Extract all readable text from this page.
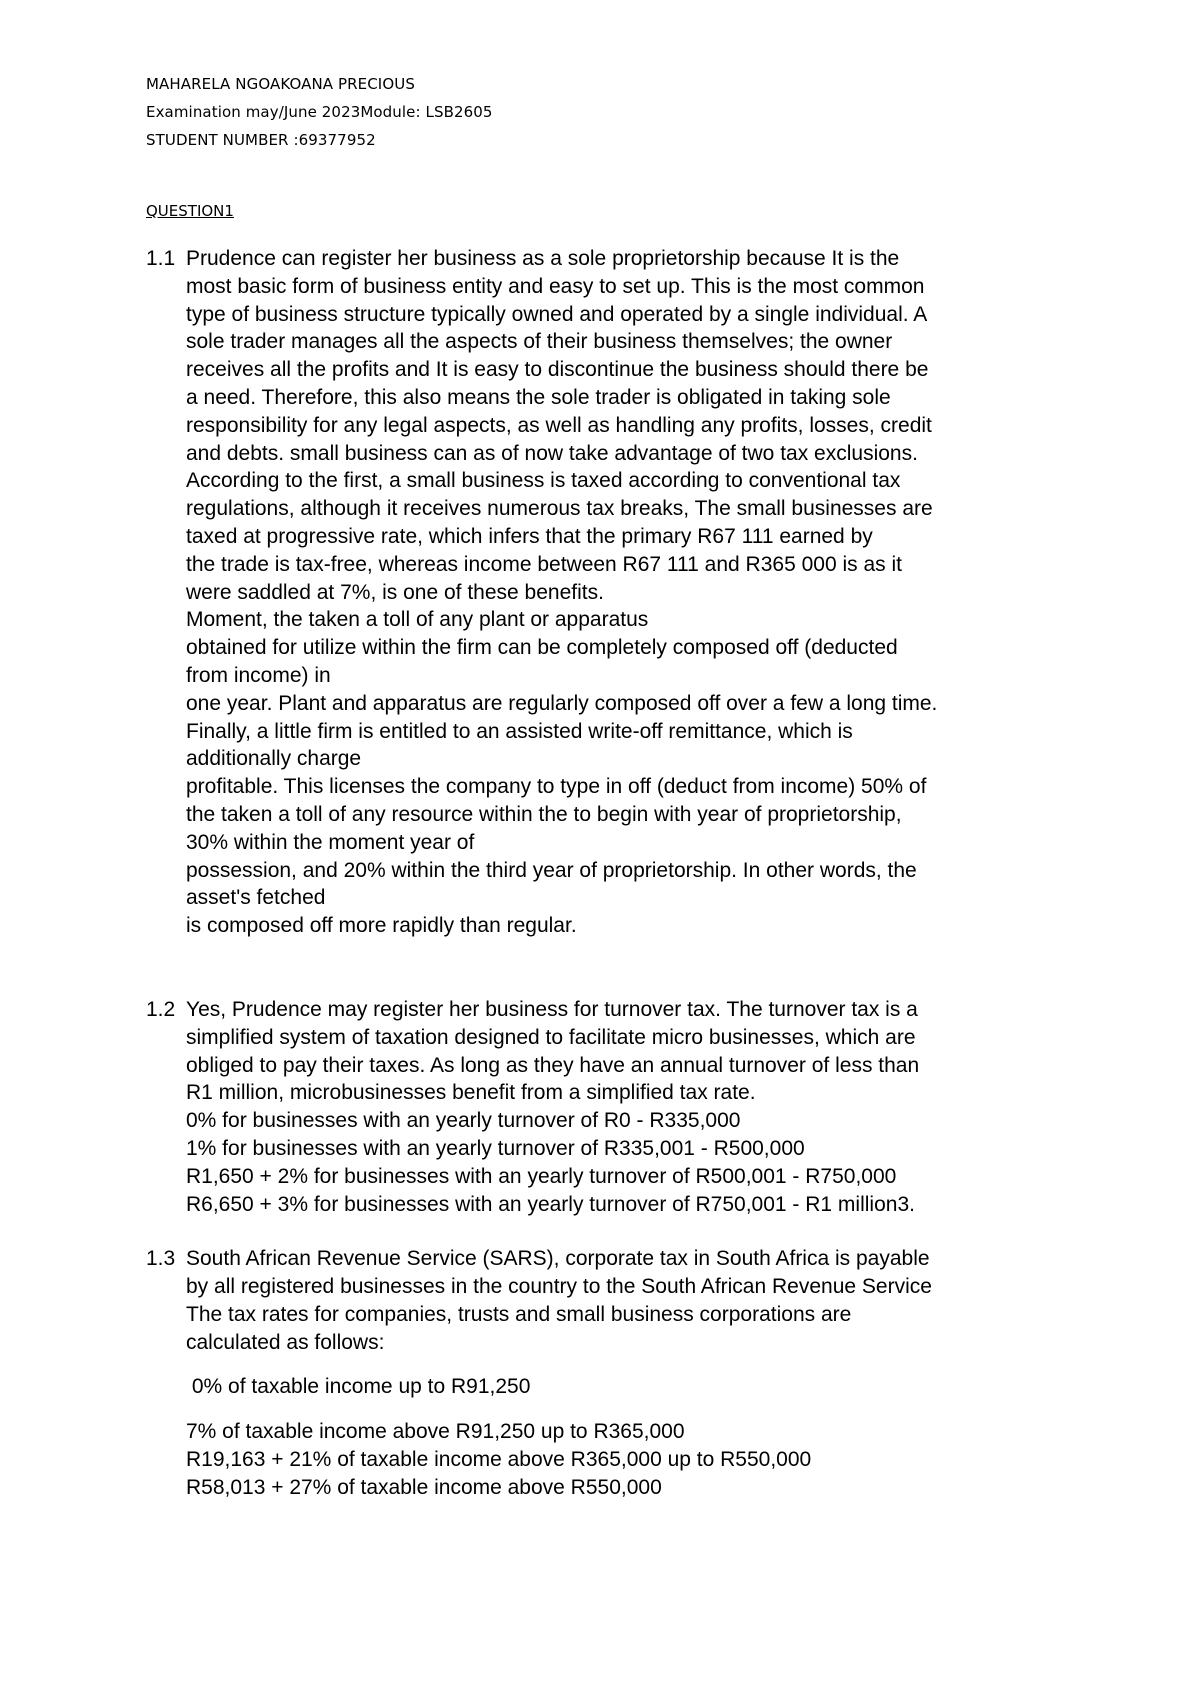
MAHARELA NGOAKOANA PRECIOUS
Examination may/June 2023Module: LSB2605
STUDENT NUMBER :69377952
QUESTION1
1.1 Prudence can register her business as a sole proprietorship because It is the
most basic form of business entity and easy to set up. This is the most common
type of business structure typically owned and operated by a single individual. A
sole trader manages all the aspects of their business themselves; the owner
receives all the profits and It is easy to discontinue the business should there be
a need. Therefore, this also means the sole trader is obligated in taking sole
responsibility for any legal aspects, as well as handling any profits, losses, credit
and debts. small business can as of now take advantage of two tax exclusions.
According to the first, a small business is taxed according to conventional tax
regulations, although it receives numerous tax breaks, The small businesses are
taxed at progressive rate, which infers that the primary R67 111 earned by
the trade is tax-free, whereas income between R67 111 and R365 000 is as it
were saddled at 7%, is one of these benefits.
Moment, the taken a toll of any plant or apparatus
obtained for utilize within the firm can be completely composed off (deducted
from income) in
one year. Plant and apparatus are regularly composed off over a few a long time.
Finally, a little firm is entitled to an assisted write-off remittance, which is
additionally charge
profitable. This licenses the company to type in off (deduct from income) 50% of
the taken a toll of any resource within the to begin with year of proprietorship,
30% within the moment year of
possession, and 20% within the third year of proprietorship. In other words, the
asset's fetched
is composed off more rapidly than regular.
1.2 Yes, Prudence may register her business for turnover tax. The turnover tax is a
simplified system of taxation designed to facilitate micro businesses, which are
obliged to pay their taxes. As long as they have an annual turnover of less than
R1 million, microbusinesses benefit from a simplified tax rate.
0% for businesses with an yearly turnover of R0 - R335,000
1% for businesses with an yearly turnover of R335,001 - R500,000
R1,650 + 2% for businesses with an yearly turnover of R500,001 - R750,000
R6,650 + 3% for businesses with an yearly turnover of R750,001 - R1 million3.
1.3 South African Revenue Service (SARS), corporate tax in South Africa is payable
by all registered businesses in the country to the South African Revenue Service
The tax rates for companies, trusts and small business corporations are
calculated as follows:
0% of taxable income up to R91,250
7% of taxable income above R91,250 up to R365,000
R19,163 + 21% of taxable income above R365,000 up to R550,000
R58,013 + 27% of taxable income above R550,000
